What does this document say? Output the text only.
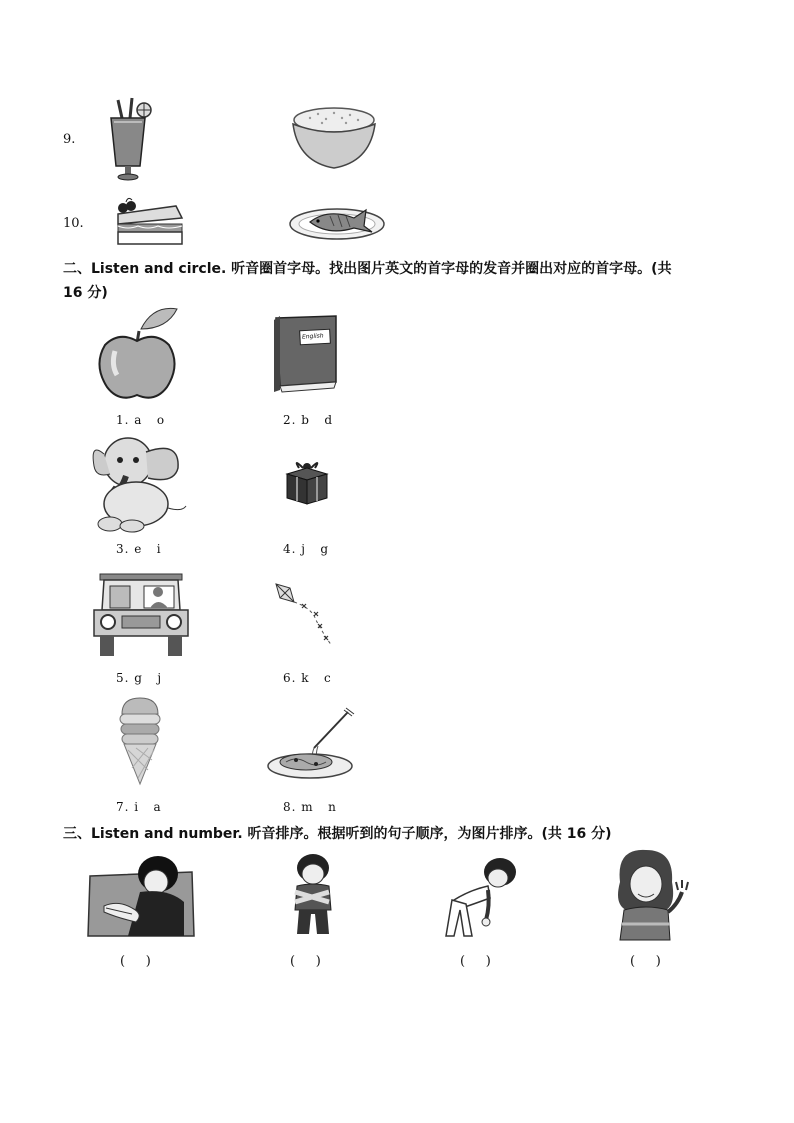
9.
10.
二、Listen and circle. 听音圈首字母。找出图片英文的首字母的发音并圈出对应的首字母。(共
16 分)
English
1. a   o	2. b   d
3. e   i	4. j   g
5. g   j	6. k   c
7. i   a	8. m   n
三、Listen and number. 听音排序。根据听到的句子顺序，为图片排序。(共 16 分)
(     )	(     )	(     )	(     )
